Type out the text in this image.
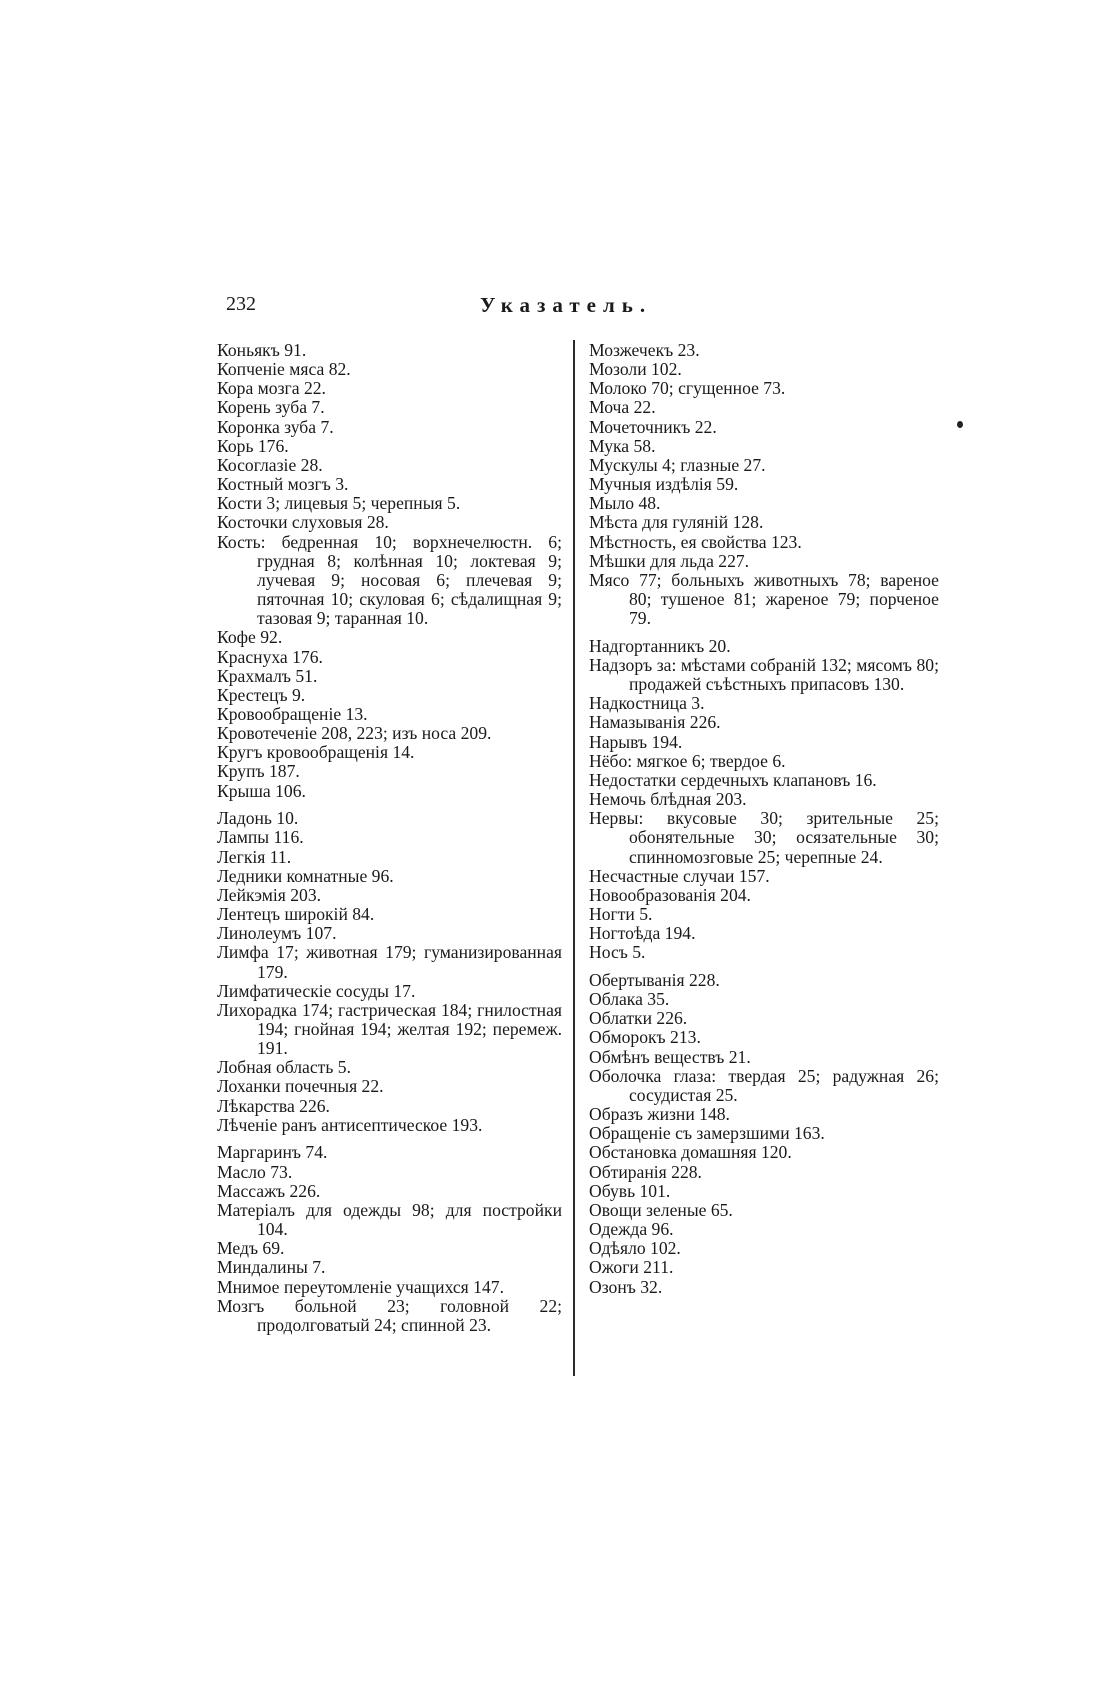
232	Указатель.

Коньякъ 91.

Копченіе мяса 82.

Кора мозга 22.

Корень зуба 7.

Коронка зуба 7.

Корь 176.

Косоглазіе 28.

Костный мозгъ 3.

Кости 3; лицевыя 5; черепныя 5.

Косточки слуховыя 28.

Кость: бедренная 10; ворхнечелюстн. 6; грудная 8; колѣнная 10; локтевая 9; лучевая 9; носовая 6; плечевая 9; пяточная 10; скуловая 6; сѣдалищная 9; тазовая 9; таранная 10.

Кофе 92.

Краснуха 176.

Крахмалъ 51.

Крестецъ 9.

Кровообращеніе 13.

Кровотеченіе 208, 223; изъ носа 209.

Кругъ кровообращенія 14.

Крупъ 187.

Крыша 106.

Ладонь 10.

Лампы 116.

Легкія 11.

Ледники комнатные 96.

Лейкэмія 203.

Лентецъ широкій 84.

Линолеумъ 107.

Лимфа 17; животная 179; гуманизированная 179.

Лимфатическіе сосуды 17.

Лихорадка 174; гастрическая 184; гнилостная 194; гнойная 194; желтая 192; перемеж. 191.

Лобная область 5.

Лоханки почечныя 22.

Лѣкарства 226.

Лѣченіе ранъ антисептическое 193.

Маргаринъ 74.

Масло 73.

Массажъ 226.

Матеріалъ для одежды 98; для постройки 104.

Медъ 69.

Миндалины 7.

Мнимое переутомленіе учащихся 147.

Мозгъ больной 23; головной 22; продолговатый 24; спинной 23.

Мозжечекъ 23.

Мозоли 102.

Молоко 70; сгущенное 73.

Моча 22.

Мочеточникъ 22.

Мука 58.

Мускулы 4; глазные 27.

Мучныя издѣлія 59.

Мыло 48.

Мѣста для гуляній 128.

Мѣстность, ея свойства 123.

Мѣшки для льда 227.

Мясо 77; больныхъ животныхъ 78; вареное 80; тушеное 81; жареное 79; порченое 79.

Надгортанникъ 20.

Надзоръ за: мѣстами собраній 132; мясомъ 80; продажей съѣстныхъ припасовъ 130.

Надкостница 3.

Намазыванія 226.

Нарывъ 194.

Нёбо: мягкое 6; твердое 6.

Недостатки сердечныхъ клапановъ 16.

Немочь блѣдная 203.

Нервы: вкусовые 30; зрительные 25; обонятельные 30; осязательные 30; спинномозговые 25; черепные 24.

Несчастные случаи 157.

Новообразованія 204.

Ногти 5.

Ногтоѣда 194.

Носъ 5.

Обертыванія 228.

Облака 35.

Облатки 226.

Обморокъ 213.

Обмѣнъ веществъ 21.

Оболочка глаза: твердая 25; радужная 26; сосудистая 25.

Образъ жизни 148.

Обращеніе съ замерзшими 163.

Обстановка домашняя 120.

Обтиранія 228.

Обувь 101.

Овощи зеленые 65.

Одежда 96.

Одѣяло 102.

Ожоги 211.

Озонъ 32.
